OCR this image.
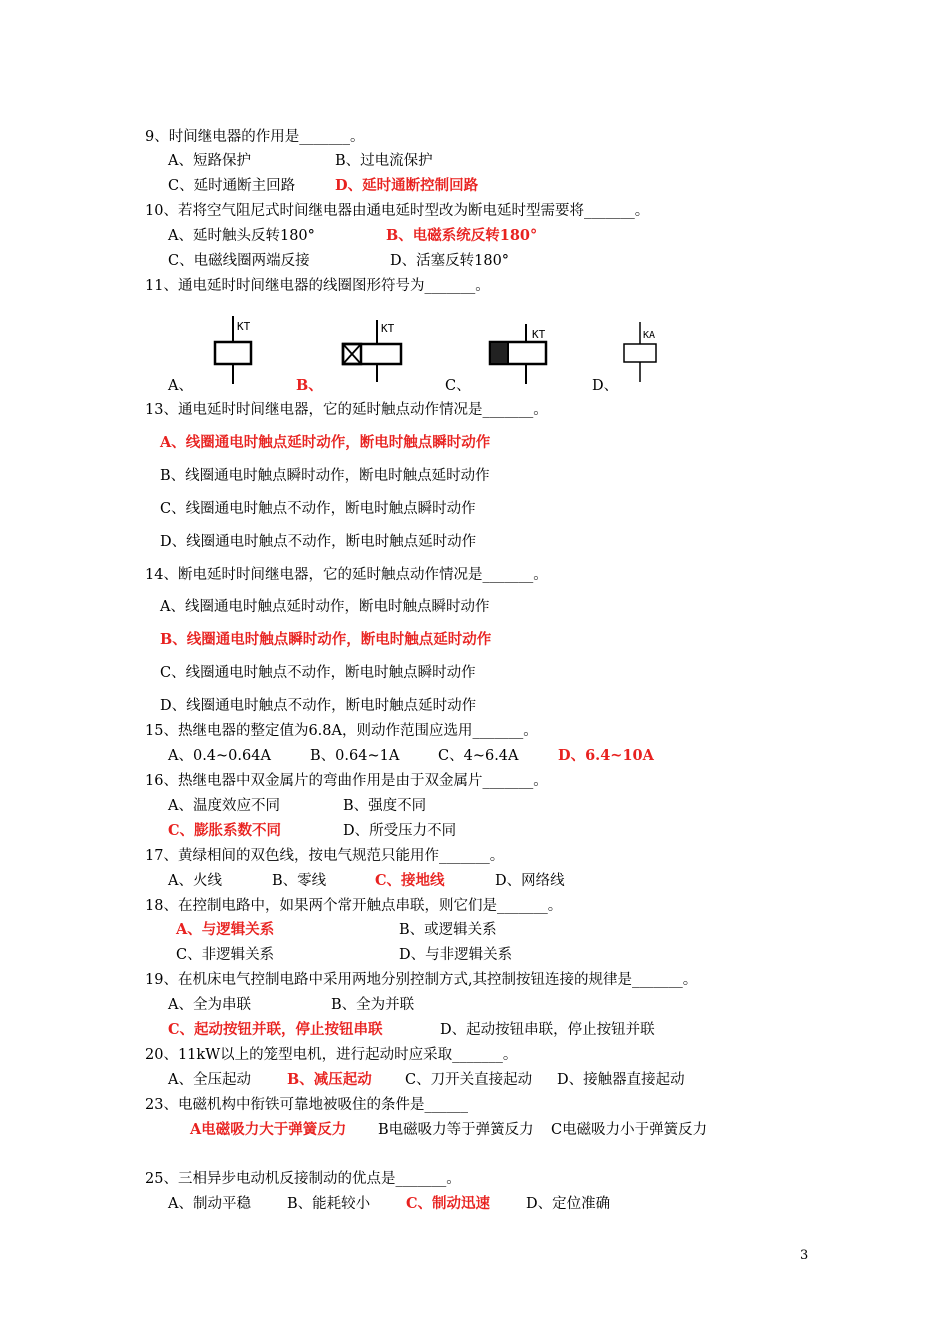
9、时间继电器的作用是_______。
A、短路保护	B、过电流保护
C、延时通断主回路	D、延时通断控制回路
10、若将空气阻尼式时间继电器由通电延时型改为断电延时型需要将_______。
A、延时触头反转180°	B、电磁系统反转180°
C、电磁线圈两端反接	D、活塞反转180°
11、通电延时时间继电器的线圈图形符号为_______。
KT	KT	KT	KA
A、	B、	C、	D、
13、通电延时时间继电器，它的延时触点动作情况是_______。
A、线圈通电时触点延时动作，断电时触点瞬时动作
B、线圈通电时触点瞬时动作，断电时触点延时动作
C、线圈通电时触点不动作，断电时触点瞬时动作
D、线圈通电时触点不动作，断电时触点延时动作
14、断电延时时间继电器，它的延时触点动作情况是_______。
A、线圈通电时触点延时动作，断电时触点瞬时动作
B、线圈通电时触点瞬时动作，断电时触点延时动作
C、线圈通电时触点不动作，断电时触点瞬时动作
D、线圈通电时触点不动作，断电时触点延时动作
15、热继电器的整定值为6.8A，则动作范围应选用_______。
A、0.4~0.64A	B、0.64~1A	C、4~6.4A	D、6.4~10A
16、热继电器中双金属片的弯曲作用是由于双金属片_______。
A、温度效应不同	B、强度不同
C、膨胀系数不同	D、所受压力不同
17、黄绿相间的双色线，按电气规范只能用作_______。
A、火线	B、零线	C、接地线	D、网络线
18、在控制电路中，如果两个常开触点串联，则它们是_______。
A、与逻辑关系	B、或逻辑关系
C、非逻辑关系	D、与非逻辑关系
19、在机床电气控制电路中采用两地分别控制方式,其控制按钮连接的规律是_______。
A、全为串联	B、全为并联
C、起动按钮并联，停止按钮串联	D、起动按钮串联，停止按钮并联
20、11kW以上的笼型电机，进行起动时应采取_______。
A、全压起动 B、减压起动 C、刀开关直接起动 D、接触器直接起动
23、电磁机构中衔铁可靠地被吸住的条件是______
A电磁吸力大于弹簧反力 B电磁吸力等于弹簧反力 C电磁吸力小于弹簧反力
25、三相异步电动机反接制动的优点是_______。
A、制动平稳 B、能耗较小 C、制动迅速 D、定位准确
3
